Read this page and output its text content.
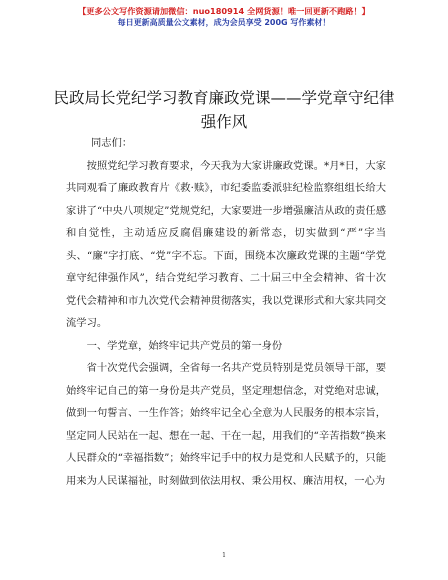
【更多公文写作资源请加微信：nuo180914 全网货源！唯一回更新不跑路！】
每日更新高质量公文素材，成为会员享受 200G 写作素材！
民政局长党纪学习教育廉政党课——学党章守纪律强作风

同志们：

按照党纪学习教育要求，今天我为大家讲廉政党课。*月*日，大家共同观看了廉政教育片《救·赎》，市纪委监委派驻纪检监察组组长给大家讲了“中央八项规定”党规党纪，大家要进一步增强廉洁从政的责任感和自觉性，主动适应反腐倡廉建设的新常态，切实做到“严”字当头、“廉”字打底、“党”字不忘。下面，围绕本次廉政党课的主题“学党章守纪律强作风”，结合党纪学习教育、二十届三中全会精神、省十次党代会精神和市九次党代会精神贯彻落实，我以党课形式和大家共同交流学习。

一、学党章，始终牢记共产党员的第一身份

省十次党代会强调，全省每一名共产党员特别是党员领导干部，要始终牢记自己的第一身份是共产党员，坚定理想信念，对党绝对忠诚，做到一句誓言、一生作答；始终牢记全心全意为人民服务的根本宗旨，坚定同人民站在一起、想在一起、干在一起，用我们的“辛苦指数”换来人民群众的“幸福指数”；始终牢记手中的权力是党和人民赋予的，只能用来为人民谋福祉，时刻做到依法用权、秉公用权、廉洁用权，一心为

1
